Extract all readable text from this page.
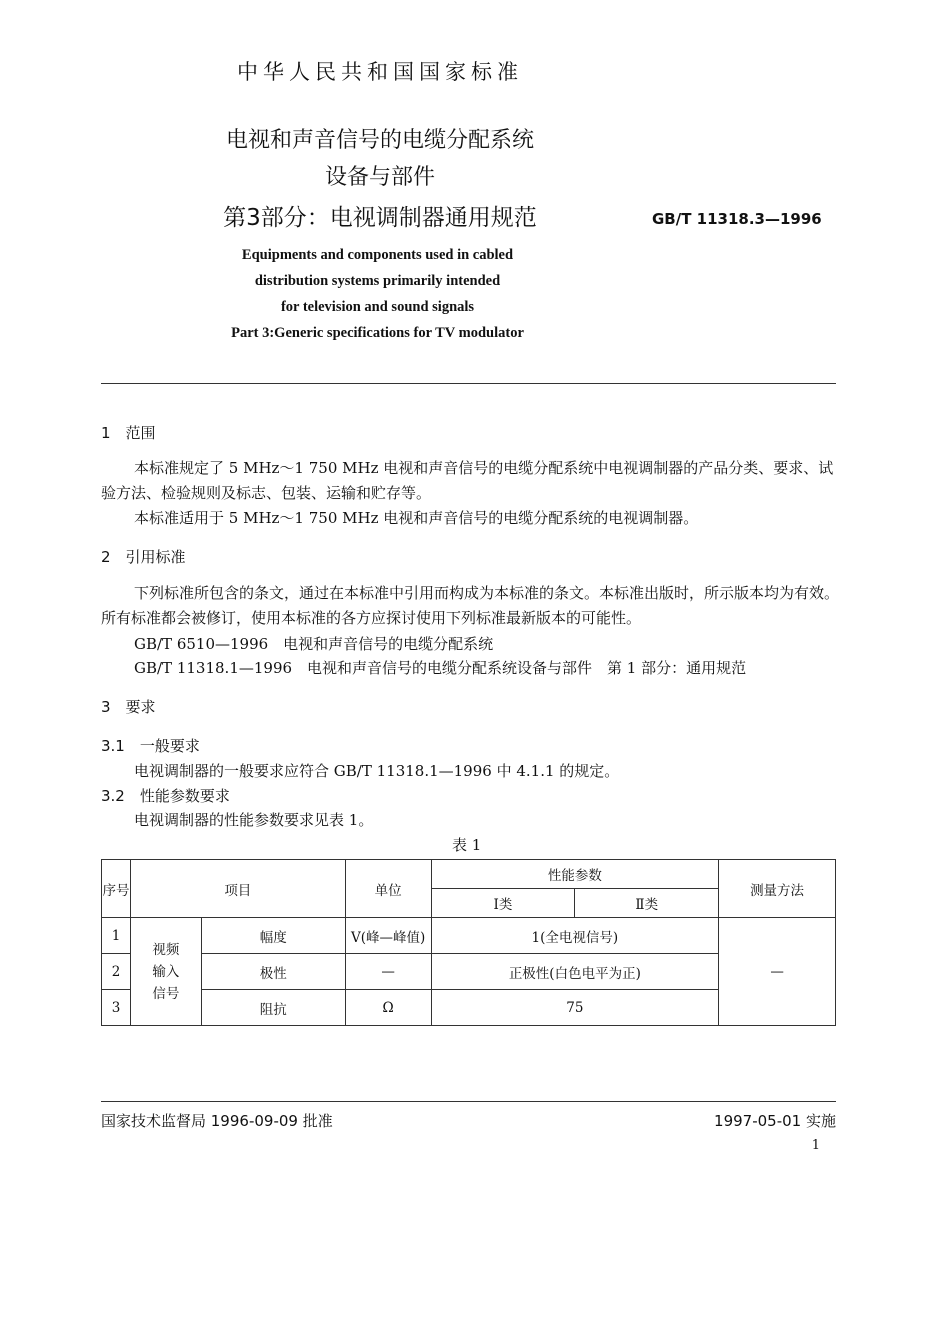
中华人民共和国国家标准
电视和声音信号的电缆分配系统
设备与部件
第3部分：电视调制器通用规范	GB/T 11318.3—1996
Equipments and components used in cabled
distribution systems primarily intended
for television and sound signals
Part 3:Generic specifications for TV modulator
1　范围
本标准规定了 5 MHz～1 750 MHz 电视和声音信号的电缆分配系统中电视调制器的产品分类、要求、试验方法、检验规则及标志、包装、运输和贮存等。
本标准适用于 5 MHz～1 750 MHz 电视和声音信号的电缆分配系统的电视调制器。
2　引用标准
下列标准所包含的条文，通过在本标准中引用而构成为本标准的条文。本标准出版时，所示版本均为有效。所有标准都会被修订，使用本标准的各方应探讨使用下列标准最新版本的可能性。
GB/T 6510—1996　电视和声音信号的电缆分配系统
GB/T 11318.1—1996　电视和声音信号的电缆分配系统设备与部件　第 1 部分：通用规范
3　要求
3.1　一般要求
电视调制器的一般要求应符合 GB/T 11318.1—1996 中 4.1.1 的规定。
3.2　性能参数要求
电视调制器的性能参数要求见表 1。
表 1
序号	项目		单位	性能参数		测量方法
				Ⅰ类	Ⅱ类	
1	视频
输入
信号	幅度	V(峰—峰值)	1(全电视信号)		—
2		极性	—	正极性(白色电平为正)		
3		阻抗	Ω	75		
国家技术监督局 1996-09-09 批准	1997-05-01 实施
1
